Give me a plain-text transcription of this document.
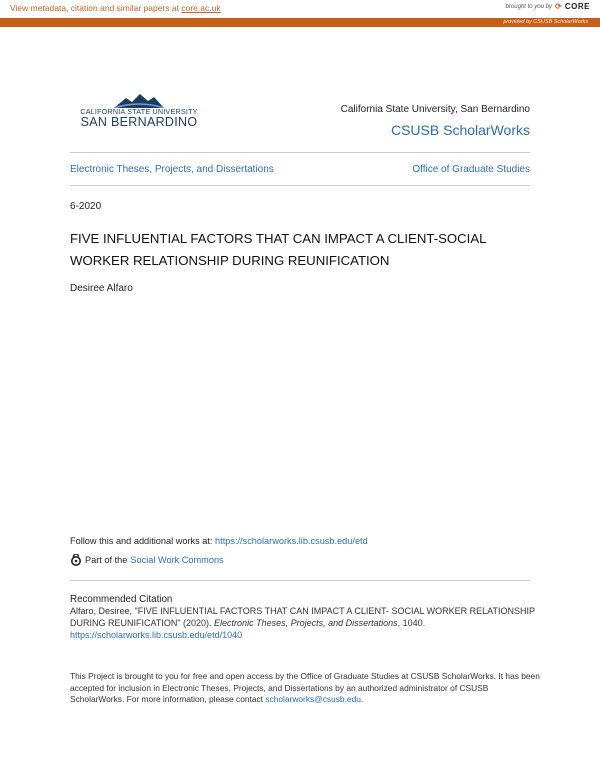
View metadata, citation and similar papers at core.ac.uk	brought to you by ⟳ CORE
provided by CSUSB ScholarWorks
CALIFORNIA STATE UNIVERSITY
SAN BERNARDINO
California State University, San Bernardino
CSUSB ScholarWorks
Electronic Theses, Projects, and Dissertations	Office of Graduate Studies
6-2020
FIVE INFLUENTIAL FACTORS THAT CAN IMPACT A CLIENT-SOCIAL WORKER RELATIONSHIP DURING REUNIFICATION
Desiree Alfaro
Follow this and additional works at: https://scholarworks.lib.csusb.edu/etd
Part of the Social Work Commons
Recommended Citation
Alfaro, Desiree, "FIVE INFLUENTIAL FACTORS THAT CAN IMPACT A CLIENT- SOCIAL WORKER RELATIONSHIP DURING REUNIFICATION" (2020). Electronic Theses, Projects, and Dissertations. 1040.
https://scholarworks.lib.csusb.edu/etd/1040
This Project is brought to you for free and open access by the Office of Graduate Studies at CSUSB ScholarWorks. It has been accepted for inclusion in Electronic Theses, Projects, and Dissertations by an authorized administrator of CSUSB ScholarWorks. For more information, please contact scholarworks@csusb.edu.
